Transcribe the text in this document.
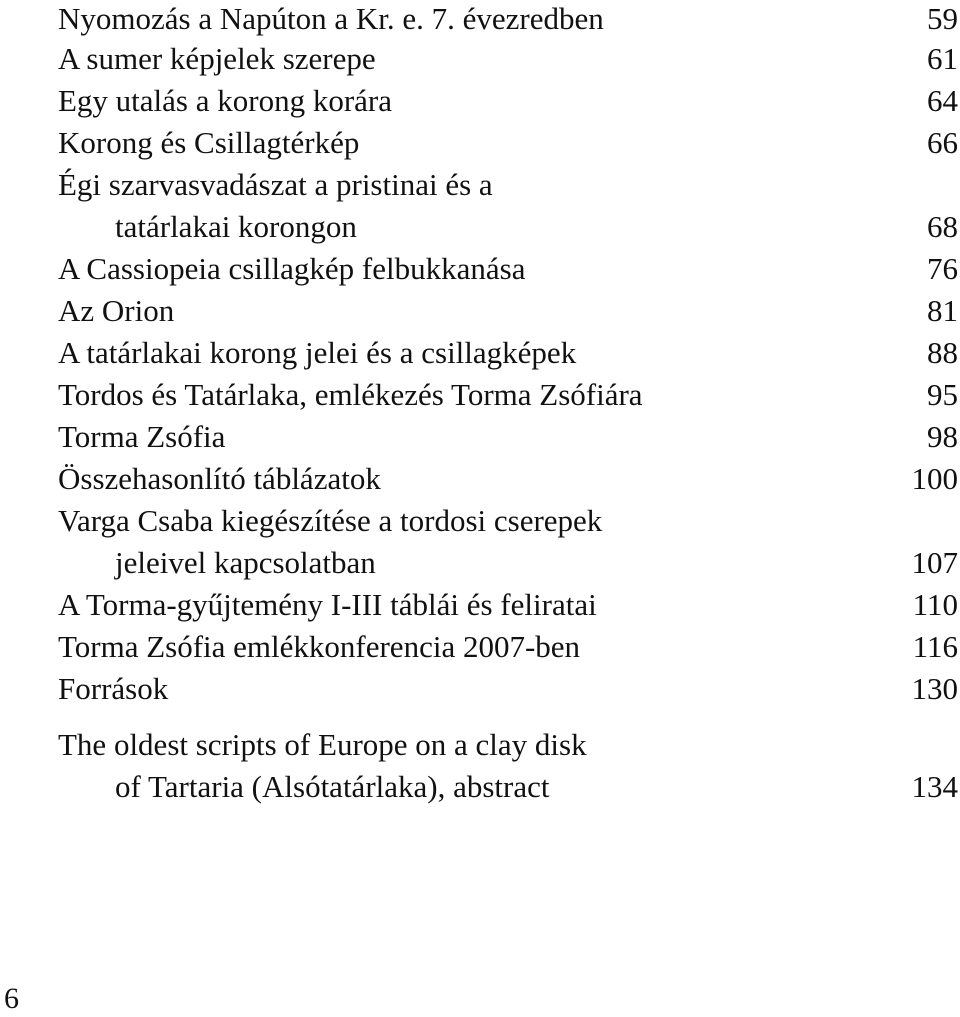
Nyomozás a Napúton a Kr. e. 7. évezredben	59
A sumer képjelek szerepe	61
Egy utalás a korong korára	64
Korong és Csillagtérkép	66
Égi szarvasvadászat a pristinai és a
tatárlakai korongon	68
A Cassiopeia csillagkép felbukkanása	76
Az Orion	81
A tatárlakai korong jelei és a csillagképek	88
Tordos és Tatárlaka, emlékezés Torma Zsófiára	95
Torma Zsófia	98
Összehasonlító táblázatok	100
Varga Csaba kiegészítése a tordosi cserepek
jeleivel kapcsolatban	107
A Torma-gyűjtemény I-III táblái és feliratai	110
Torma Zsófia emlékkonferencia 2007-ben	116
Források	130
The oldest scripts of Europe on a clay disk
of Tartaria (Alsótatárlaka), abstract	134
6
